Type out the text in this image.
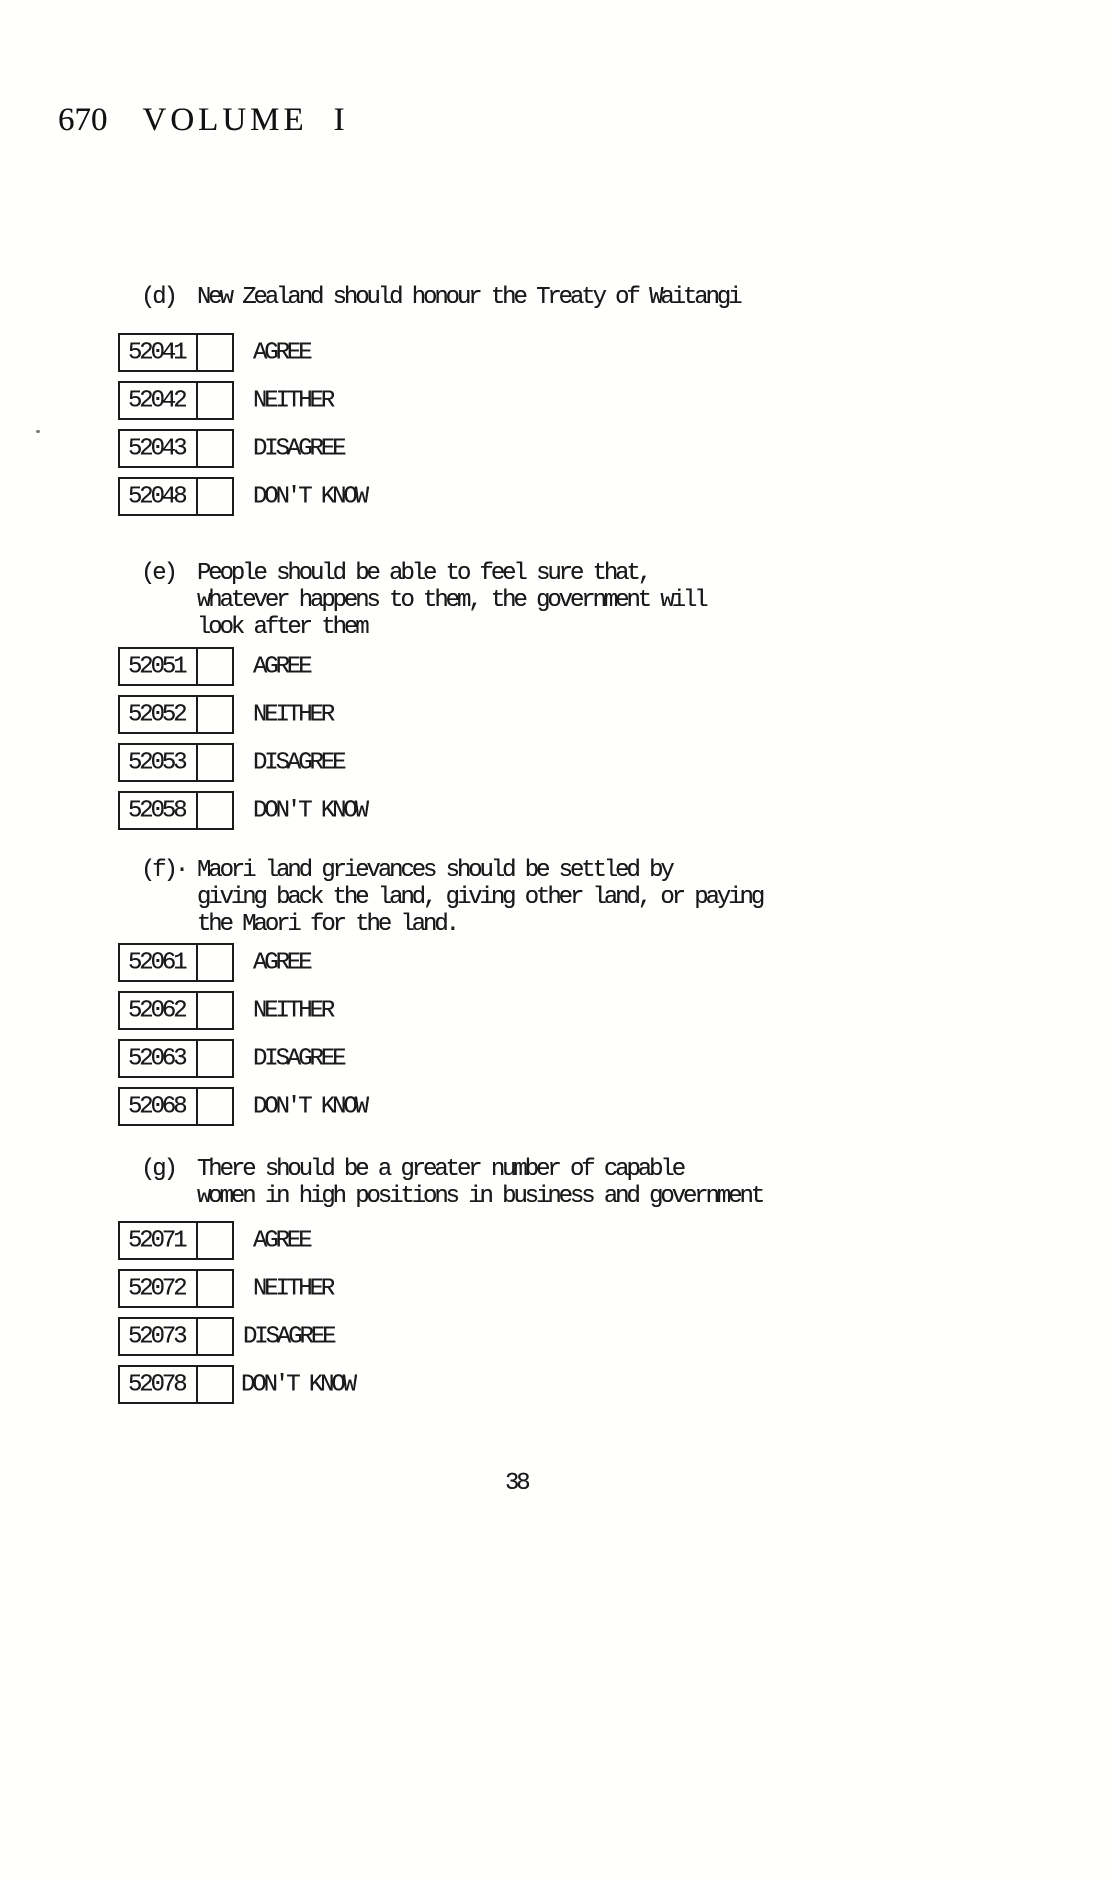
670 VOLUME I
(d) New Zealand should honour the Treaty of Waitangi
52041	AGREE
52042	NEITHER
52043	DISAGREE
52048	DON'T KNOW
(e) People should be able to feel sure that,
whatever happens to them, the government will
look after them
52051	AGREE
52052	NEITHER
52053	DISAGREE
52058	DON'T KNOW
(f)· Maori land grievances should be settled by
giving back the land, giving other land, or paying
the Maori for the land.
52061	AGREE
52062	NEITHER
52063	DISAGREE
52068	DON'T KNOW
(g) There should be a greater number of capable
women in high positions in business and government
52071	AGREE
52072	NEITHER
52073 DISAGREE
52078 DON'T KNOW
38
